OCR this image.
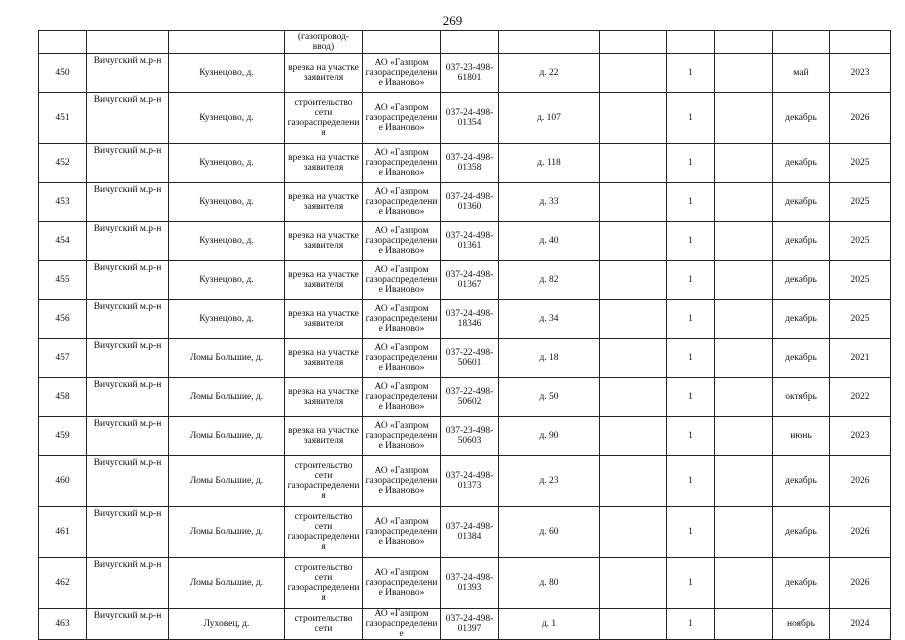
269
			(газопровод-
ввод)								
450	Вичугский м.р-н	Кузнецово, д.	врезка на участке заявителя	АО «Газпром газораспределение Иваново»	037-23-498-61801	д. 22		1		май	2023
451	Вичугский м.р-н	Кузнецово, д.	строительство сети газораспределения	АО «Газпром газораспределение Иваново»	037-24-498-01354	д. 107		1		декабрь	2026
452	Вичугский м.р-н	Кузнецово, д.	врезка на участке заявителя	АО «Газпром газораспределение Иваново»	037-24-498-01358	д. 118		1		декабрь	2025
453	Вичугский м.р-н	Кузнецово, д.	врезка на участке заявителя	АО «Газпром газораспределение Иваново»	037-24-498-01360	д. 33		1		декабрь	2025
454	Вичугский м.р-н	Кузнецово, д.	врезка на участке заявителя	АО «Газпром газораспределение Иваново»	037-24-498-01361	д. 40		1		декабрь	2025
455	Вичугский м.р-н	Кузнецово, д.	врезка на участке заявителя	АО «Газпром газораспределение Иваново»	037-24-498-01367	д. 82		1		декабрь	2025
456	Вичугский м.р-н	Кузнецово, д.	врезка на участке заявителя	АО «Газпром газораспределение Иваново»	037-24-498-18346	д. 34		1		декабрь	2025
457	Вичугский м.р-н	Ломы Большие, д.	врезка на участке заявителя	АО «Газпром газораспределение Иваново»	037-22-498-50601	д. 18		1		декабрь	2021
458	Вичугский м.р-н	Ломы Большие, д.	врезка на участке заявителя	АО «Газпром газораспределение Иваново»	037-22-498-50602	д. 50		1		октябрь	2022
459	Вичугский м.р-н	Ломы Большие, д.	врезка на участке заявителя	АО «Газпром газораспределение Иваново»	037-23-498-50603	д. 90		1		июнь	2023
460	Вичугский м.р-н	Ломы Большие, д.	строительство сети газораспределения	АО «Газпром газораспределение Иваново»	037-24-498-01373	д. 23		1		декабрь	2026
461	Вичугский м.р-н	Ломы Большие, д.	строительство сети газораспределения	АО «Газпром газораспределение Иваново»	037-24-498-01384	д. 60		1		декабрь	2026
462	Вичугский м.р-н	Ломы Большие, д.	строительство сети газораспределения	АО «Газпром газораспределение Иваново»	037-24-498-01393	д. 80		1		декабрь	2026
463	Вичугский м.р-н	Луховец, д.	строительство сети	АО «Газпром газораспределение	037-24-498-01397	д. 1		1		ноябрь	2024
